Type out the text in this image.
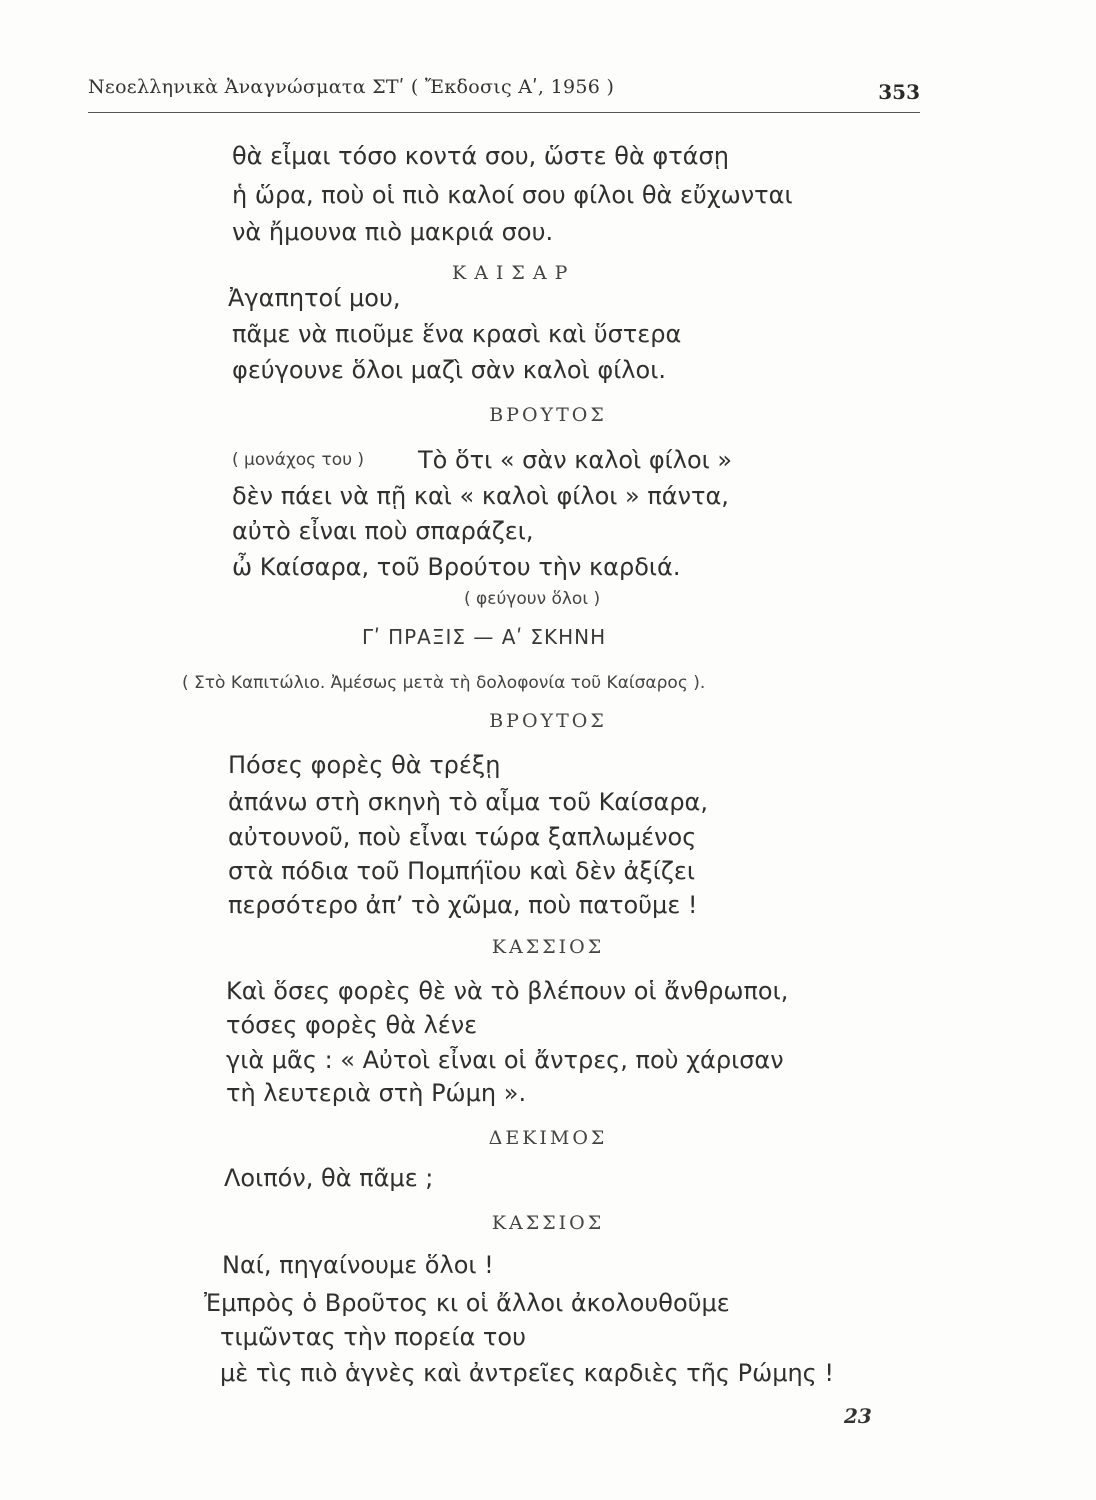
Νεοελληνικὰ Ἀναγνώσματα ΣΤʹ ( Ἔκδοσις Αʹ, 1956 )	353
θὰ εἶμαι τόσο κοντά σου, ὥστε θὰ φτάσῃ
ἡ ὥρα, ποὺ οἱ πιὸ καλοί σου φίλοι θὰ εὔχωνται
νὰ ἤμουνα πιὸ μακριά σου.
ΚΑΙΣΑΡ
Ἀγαπητοί μου,
πᾶμε νὰ πιοῦμε ἕνα κρασὶ καὶ ὕστερα
φεύγουνε ὅλοι μαζὶ σὰν καλοὶ φίλοι.
ΒΡΟΥΤΟΣ
( μονάχος του ) Τὸ ὅτι « σὰν καλοὶ φίλοι »
δὲν πάει νὰ πῇ καὶ « καλοὶ φίλοι » πάντα,
αὐτὸ εἶναι ποὺ σπαράζει,
ὦ Καίσαρα, τοῦ Βρούτου τὴν καρδιά.
( φεύγουν ὅλοι )
Γʹ ΠΡΑΞΙΣ — Αʹ ΣΚΗΝΗ
( Στὸ Καπιτώλιο. Ἀμέσως μετὰ τὴ δολοφονία τοῦ Καίσαρος ).
ΒΡΟΥΤΟΣ
Πόσες φορὲς θὰ τρέξῃ
ἀπάνω στὴ σκηνὴ τὸ αἷμα τοῦ Καίσαρα,
αὐτουνοῦ, ποὺ εἶναι τώρα ξαπλωμένος
στὰ πόδια τοῦ Πομπήϊου καὶ δὲν ἀξίζει
περσότερο ἀπ’ τὸ χῶμα, ποὺ πατοῦμε !
ΚΑΣΣΙΟΣ
Καὶ ὅσες φορὲς θὲ νὰ τὸ βλέπουν οἱ ἄνθρωποι,
τόσες φορὲς θὰ λένε
γιὰ μᾶς : « Αὐτοὶ εἶναι οἱ ἄντρες, ποὺ χάρισαν
τὴ λευτεριὰ στὴ Ρώμη ».
ΔΕΚΙΜΟΣ
Λοιπόν, θὰ πᾶμε ;
ΚΑΣΣΙΟΣ
Ναί, πηγαίνουμε ὅλοι !
Ἐμπρὸς ὁ Βροῦτος κι οἱ ἄλλοι ἀκολουθοῦμε
τιμῶντας τὴν πορεία του
μὲ τὶς πιὸ ἁγνὲς καὶ ἀντρεῖες καρδιὲς τῆς Ρώμης !
23
